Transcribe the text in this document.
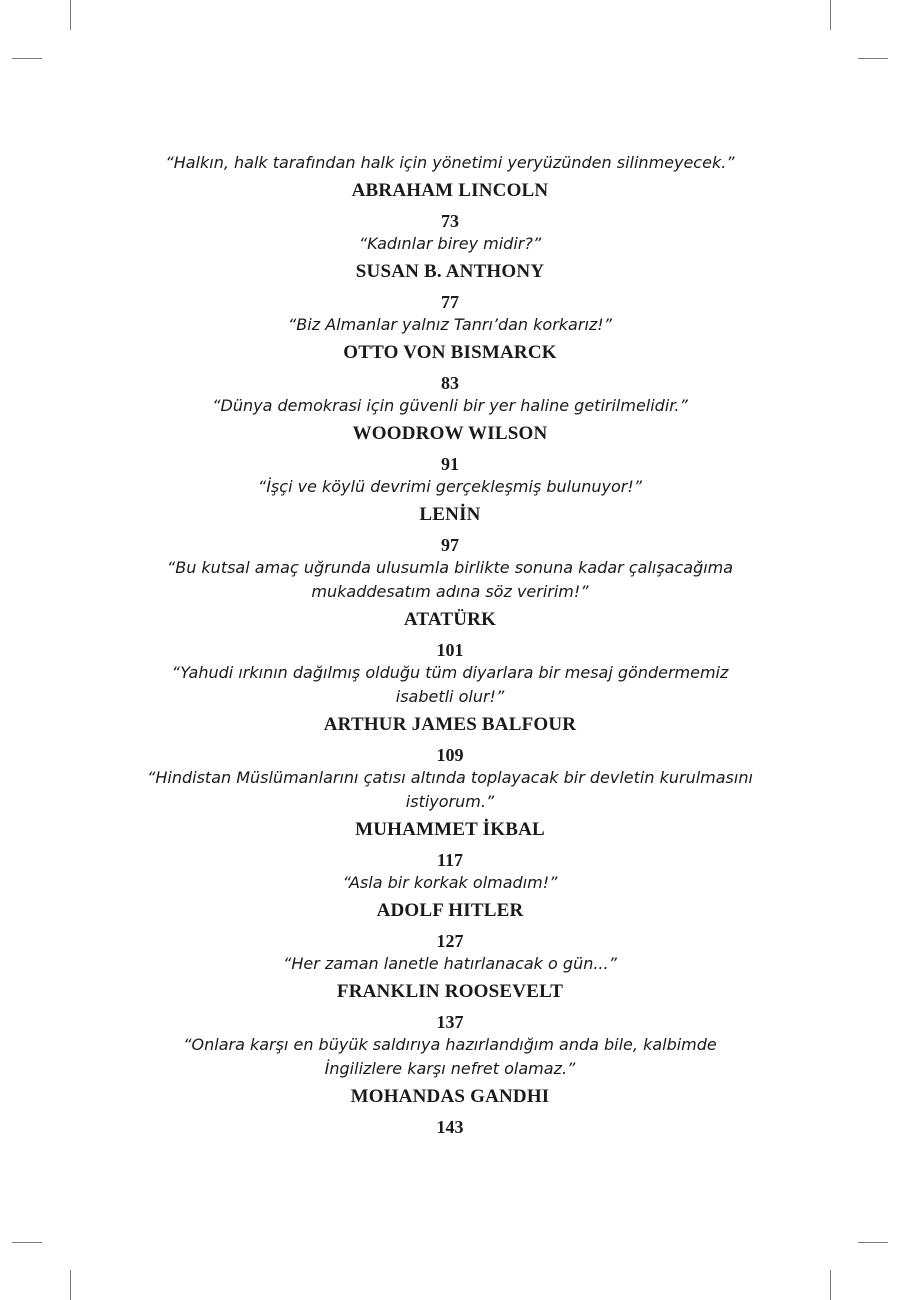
“Halkın, halk tarafından halk için yönetimi yeryüzünden silinmeyecek.”

ABRAHAM LINCOLN

73

“Kadınlar birey midir?”

SUSAN B. ANTHONY

77

“Biz Almanlar yalnız Tanrı’dan korkarız!”

OTTO VON BISMARCK

83

“Dünya demokrasi için güvenli bir yer haline getirilmelidir.”

WOODROW WILSON

91

“İşçi ve köylü devrimi gerçekleşmiş bulunuyor!”

LENİN

97

“Bu kutsal amaç uğrunda ulusumla birlikte sonuna kadar çalışacağıma

mukaddesatım adına söz veririm!”

ATATÜRK

101

“Yahudi ırkının dağılmış olduğu tüm diyarlara bir mesaj göndermemiz

isabetli olur!”

ARTHUR JAMES BALFOUR

109

“Hindistan Müslümanlarını çatısı altında toplayacak bir devletin kurulmasını

istiyorum.”

MUHAMMET İKBAL

117

“Asla bir korkak olmadım!”

ADOLF HITLER

127

“Her zaman lanetle hatırlanacak o gün...”

FRANKLIN ROOSEVELT

137

“Onlara karşı en büyük saldırıya hazırlandığım anda bile, kalbimde

İngilizlere karşı nefret olamaz.”

MOHANDAS GANDHI

143
